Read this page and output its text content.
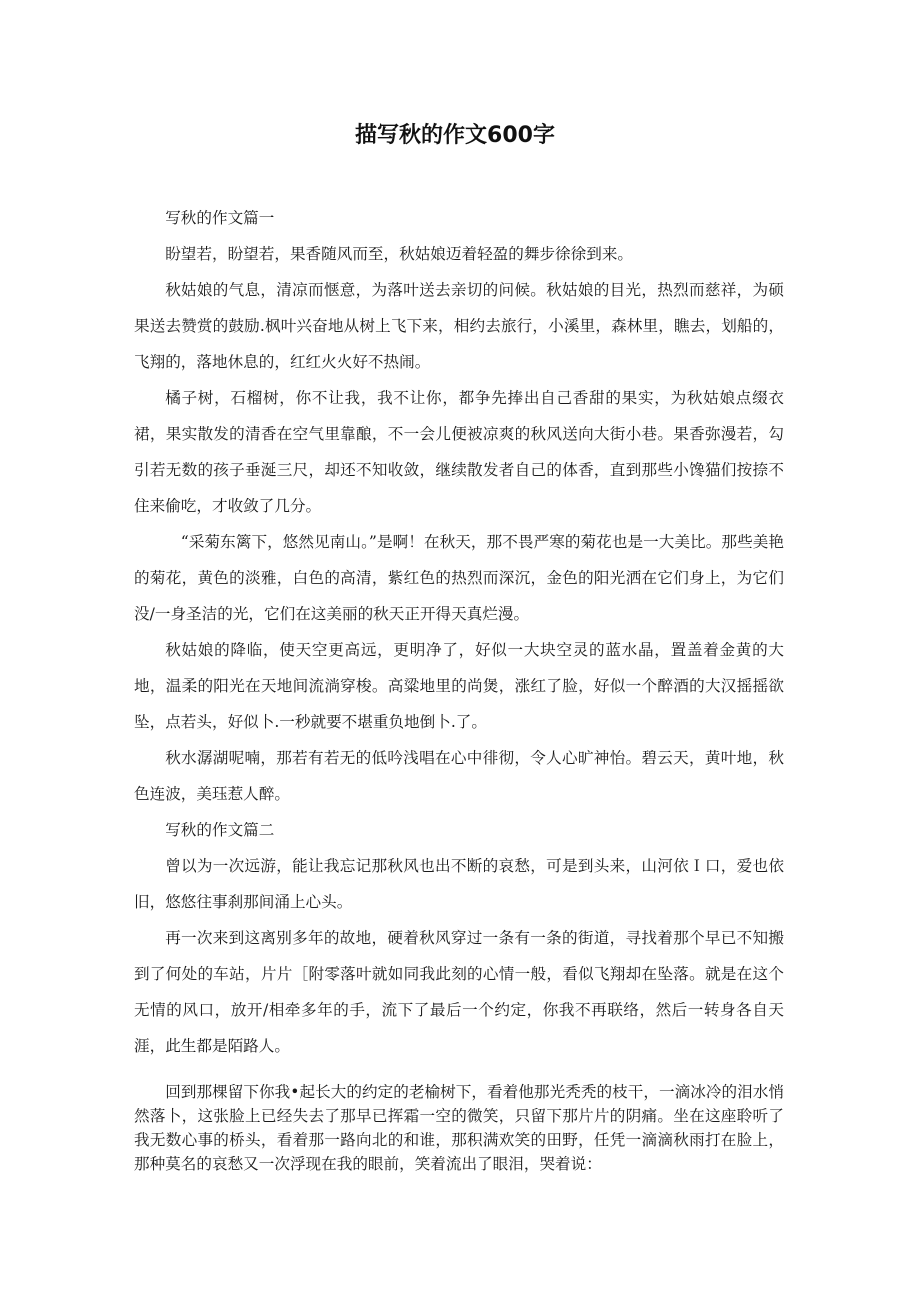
描写秋的作文600字

写秋的作文篇一

盼望若，盼望若，果香随风而至，秋姑娘迈着轻盈的舞步徐徐到来。

秋姑娘的气息，清凉而惬意，为落叶送去亲切的问候。秋姑娘的目光，热烈而慈祥，为硕果送去赞赏的鼓励.枫叶兴奋地从树上飞下来，相约去旅行，小溪里，森林里，瞧去，划船的，飞翔的，落地休息的，红红火火好不热闹。

橘子树，石榴树，你不让我，我不让你，都争先捧出自己香甜的果实，为秋姑娘点缀衣裙，果实散发的清香在空气里靠酿，不一会儿便被凉爽的秋风送向大街小巷。果香弥漫若，勾引若无数的孩子垂涎三尺，却还不知收敛，继续散发者自己的体香，直到那些小馋猫们按捺不住来偷吃，才收敛了几分。

“采菊东篱下，悠然见南山。”是啊！在秋天，那不畏严寒的菊花也是一大美比。那些美艳的菊花，黄色的淡雅，白色的高清，紫红色的热烈而深沉，金色的阳光洒在它们身上，为它们没/一身圣洁的光，它们在这美丽的秋天正开得天真烂漫。

秋姑娘的降临，使天空更高远，更明净了，好似一大块空灵的蓝水晶，置盖着金黄的大地，温柔的阳光在天地间流淌穿梭。高粱地里的尚煲，涨红了脸，好似一个醉酒的大汉摇摇欲坠，点若头，好似卜.一秒就要不堪重负地倒卜.了。

秋水潺湖呢喃，那若有若无的低吟浅唱在心中徘彻，令人心旷神怡。碧云天，黄叶地，秋色连波，美珏惹人醉。

写秋的作文篇二

曾以为一次远游，能让我忘记那秋风也出不断的哀愁，可是到头来，山河依Ｉ口，爱也依旧，悠悠往事刹那间涌上心头。

再一次来到这离别多年的故地，硬着秋风穿过一条有一条的街道，寻找着那个早已不知搬到了何处的车站，片片［附零落叶就如同我此刻的心情一般，看似飞翔却在坠落。就是在这个无情的风口，放开/相牵多年的手，流下了最后一个约定，你我不再联络，然后一转身各自天涯，此生都是陌路人。

回到那棵留下你我•起长大的约定的老榆树下，看着他那光秃秃的枝干，一滴冰冷的泪水悄然落卜，这张脸上已经失去了那早已挥霜一空的微笑，只留下那片片的阴痛。坐在这座聆听了我无数心事的桥头，看着那一路向北的和谁，那积满欢笑的田野，任凭一滴滴秋雨打在脸上，那种莫名的哀愁又一次浮现在我的眼前，笑着流出了眼泪，哭着说：
